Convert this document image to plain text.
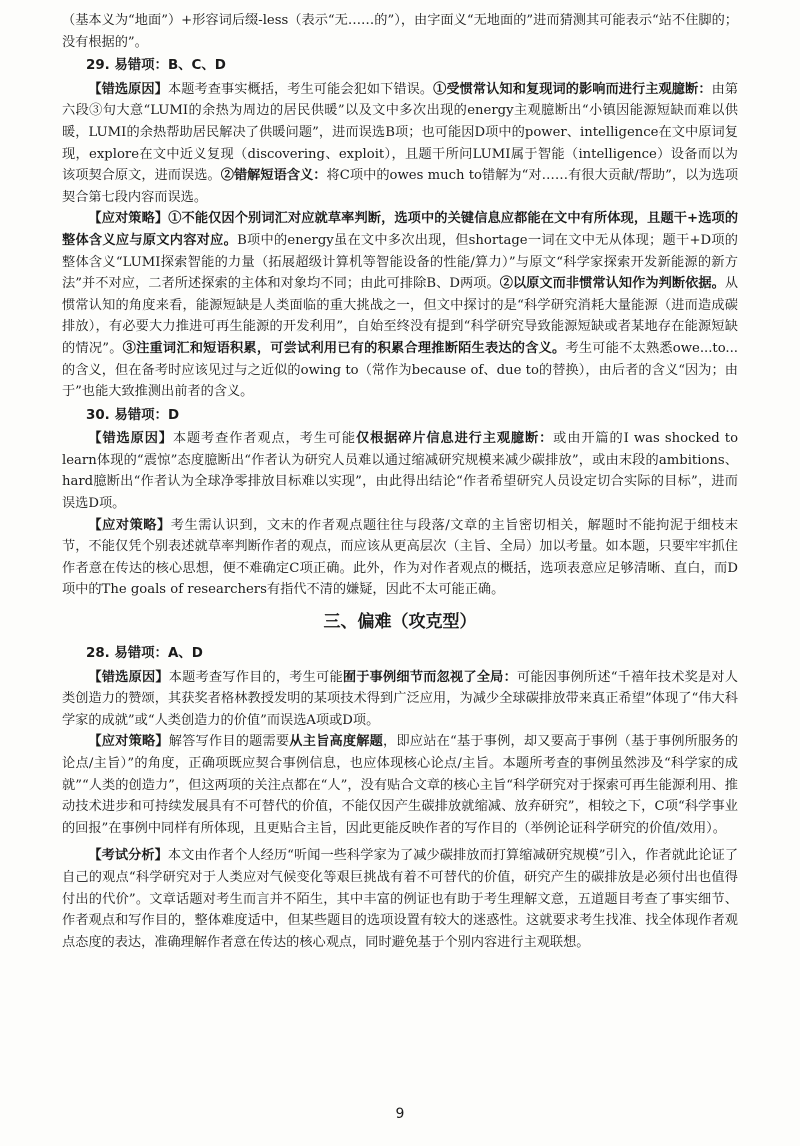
（基本义为“地面”）+形容词后缀-less（表示“无……的”），由字面义“无地面的”进而猜测其可能表示“站不住脚的；没有根据的”。

29. 易错项：B、C、D

【错选原因】本题考查事实概括，考生可能会犯如下错误。①受惯常认知和复现词的影响而进行主观臆断：由第六段③句大意“LUMI的余热为周边的居民供暖”以及文中多次出现的energy主观臆断出“小镇因能源短缺而难以供暖，LUMI的余热帮助居民解决了供暖问题”，进而误选B项；也可能因D项中的power、intelligence在文中原词复现，explore在文中近义复现（discovering、exploit），且题干所问LUMI属于智能（intelligence）设备而以为该项契合原文，进而误选。②错解短语含义：将C项中的owes much to错解为“对……有很大贡献/帮助”，以为选项契合第七段内容而误选。

【应对策略】①不能仅因个别词汇对应就草率判断，选项中的关键信息应都能在文中有所体现，且题干+选项的整体含义应与原文内容对应。B项中的energy虽在文中多次出现，但shortage一词在文中无从体现；题干+D项的整体含义“LUMI探索智能的力量（拓展超级计算机等智能设备的性能/算力）”与原文“科学家探索开发新能源的新方法”并不对应，二者所述探索的主体和对象均不同；由此可排除B、D两项。②以原文而非惯常认知作为判断依据。从惯常认知的角度来看，能源短缺是人类面临的重大挑战之一，但文中探讨的是“科学研究消耗大量能源（进而造成碳排放），有必要大力推进可再生能源的开发利用”，自始至终没有提到“科学研究导致能源短缺或者某地存在能源短缺的情况”。③注重词汇和短语积累，可尝试利用已有的积累合理推断陌生表达的含义。考生可能不太熟悉owe...to...的含义，但在备考时应该见过与之近似的owing to（常作为because of、due to的替换），由后者的含义“因为；由于”也能大致推测出前者的含义。

30. 易错项：D

【错选原因】本题考查作者观点，考生可能仅根据碎片信息进行主观臆断：或由开篇的I was shocked to learn体现的“震惊”态度臆断出“作者认为研究人员难以通过缩减研究规模来减少碳排放”，或由末段的ambitions、hard臆断出“作者认为全球净零排放目标难以实现”，由此得出结论“作者希望研究人员设定切合实际的目标”，进而误选D项。

【应对策略】考生需认识到，文末的作者观点题往往与段落/文章的主旨密切相关，解题时不能拘泥于细枝末节，不能仅凭个别表述就草率判断作者的观点，而应该从更高层次（主旨、全局）加以考量。如本题，只要牢牢抓住作者意在传达的核心思想，便不难确定C项正确。此外，作为对作者观点的概括，选项表意应足够清晰、直白，而D项中的The goals of researchers有指代不清的嫌疑，因此不太可能正确。

三、偏难（攻克型）
28. 易错项：A、D

【错选原因】本题考查写作目的，考生可能囿于事例细节而忽视了全局：可能因事例所述“千禧年技术奖是对人类创造力的赞颂，其获奖者格林教授发明的某项技术得到广泛应用，为减少全球碳排放带来真正希望”体现了“伟大科学家的成就”或“人类创造力的价值”而误选A项或D项。

【应对策略】解答写作目的题需要从主旨高度解题，即应站在“基于事例，却又要高于事例（基于事例所服务的论点/主旨）”的角度，正确项既应契合事例信息，也应体现核心论点/主旨。本题所考查的事例虽然涉及“科学家的成就”“人类的创造力”，但这两项的关注点都在“人”，没有贴合文章的核心主旨“科学研究对于探索可再生能源利用、推动技术进步和可持续发展具有不可替代的价值，不能仅因产生碳排放就缩减、放弃研究”，相较之下，C项“科学事业的回报”在事例中同样有所体现，且更贴合主旨，因此更能反映作者的写作目的（举例论证科学研究的价值/效用）。

【考试分析】本文由作者个人经历“听闻一些科学家为了减少碳排放而打算缩减研究规模”引入，作者就此论证了自己的观点“科学研究对于人类应对气候变化等艰巨挑战有着不可替代的价值，研究产生的碳排放是必须付出也值得付出的代价”。文章话题对考生而言并不陌生，其中丰富的例证也有助于考生理解文意，五道题目考查了事实细节、作者观点和写作目的，整体难度适中，但某些题目的选项设置有较大的迷惑性。这就要求考生找准、找全体现作者观点态度的表达，准确理解作者意在传达的核心观点，同时避免基于个别内容进行主观联想。

9
